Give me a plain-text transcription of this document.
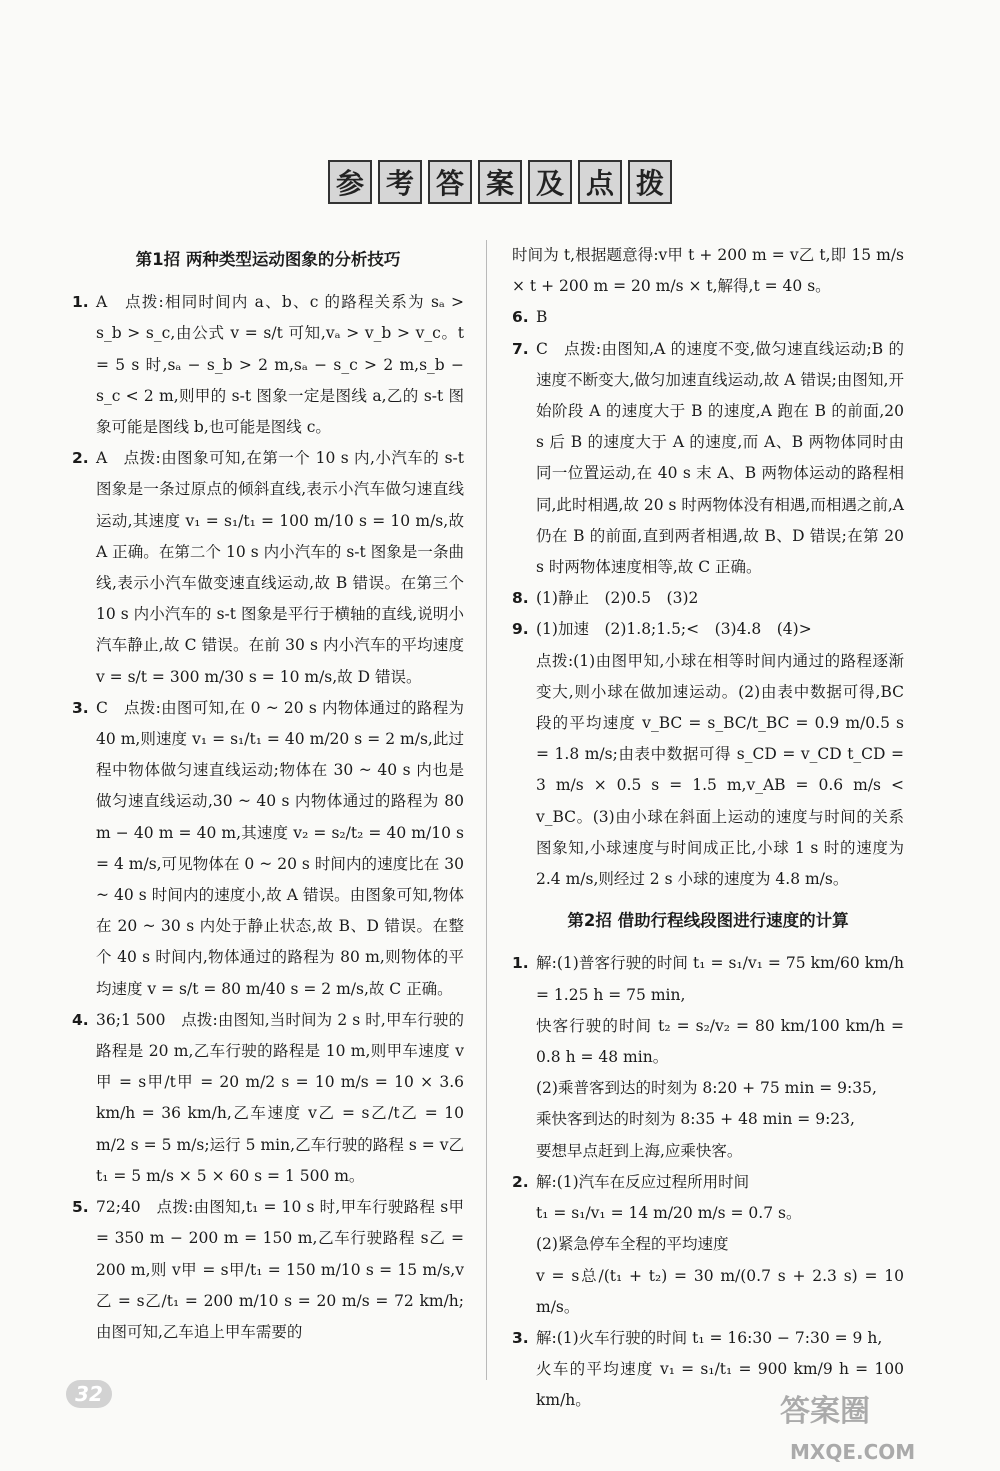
参 考 答 案 及 点 拨
第1招 两种类型运动图象的分析技巧
1. A　点拨:相同时间内 a、b、c 的路程关系为 sₐ > s_b > s_c,由公式 v = s/t 可知,vₐ > v_b > v_c。t = 5 s 时,sₐ − s_b > 2 m,sₐ − s_c > 2 m,s_b − s_c < 2 m,则甲的 s-t 图象一定是图线 a,乙的 s-t 图象可能是图线 b,也可能是图线 c。
2. A　点拨:由图象可知,在第一个 10 s 内,小汽车的 s-t 图象是一条过原点的倾斜直线,表示小汽车做匀速直线运动,其速度 v₁ = s₁/t₁ = 100 m/10 s = 10 m/s,故 A 正确。在第二个 10 s 内小汽车的 s-t 图象是一条曲线,表示小汽车做变速直线运动,故 B 错误。在第三个 10 s 内小汽车的 s-t 图象是平行于横轴的直线,说明小汽车静止,故 C 错误。在前 30 s 内小汽车的平均速度 v = s/t = 300 m/30 s = 10 m/s,故 D 错误。
3. C　点拨:由图可知,在 0 ~ 20 s 内物体通过的路程为 40 m,则速度 v₁ = s₁/t₁ = 40 m/20 s = 2 m/s,此过程中物体做匀速直线运动;物体在 30 ~ 40 s 内也是做匀速直线运动,30 ~ 40 s 内物体通过的路程为 80 m − 40 m = 40 m,其速度 v₂ = s₂/t₂ = 40 m/10 s = 4 m/s,可见物体在 0 ~ 20 s 时间内的速度比在 30 ~ 40 s 时间内的速度小,故 A 错误。由图象可知,物体在 20 ~ 30 s 内处于静止状态,故 B、D 错误。在整个 40 s 时间内,物体通过的路程为 80 m,则物体的平均速度 v = s/t = 80 m/40 s = 2 m/s,故 C 正确。
4. 36;1 500　点拨:由图知,当时间为 2 s 时,甲车行驶的路程是 20 m,乙车行驶的路程是 10 m,则甲车速度 v甲 = s甲/t甲 = 20 m/2 s = 10 m/s = 10 × 3.6 km/h = 36 km/h,乙车速度 v乙 = s乙/t乙 = 10 m/2 s = 5 m/s;运行 5 min,乙车行驶的路程 s = v乙 t₁ = 5 m/s × 5 × 60 s = 1 500 m。
5. 72;40　点拨:由图知,t₁ = 10 s 时,甲车行驶路程 s甲 = 350 m − 200 m = 150 m,乙车行驶路程 s乙 = 200 m,则 v甲 = s甲/t₁ = 150 m/10 s = 15 m/s,v乙 = s乙/t₁ = 200 m/10 s = 20 m/s = 72 km/h;由图可知,乙车追上甲车需要的

时间为 t,根据题意得:v甲 t + 200 m = v乙 t,即 15 m/s × t + 200 m = 20 m/s × t,解得,t = 40 s。

6. B
7. C　点拨:由图知,A 的速度不变,做匀速直线运动;B 的速度不断变大,做匀加速直线运动,故 A 错误;由图知,开始阶段 A 的速度大于 B 的速度,A 跑在 B 的前面,20 s 后 B 的速度大于 A 的速度,而 A、B 两物体同时由同一位置运动,在 40 s 末 A、B 两物体运动的路程相同,此时相遇,故 20 s 时两物体没有相遇,而相遇之前,A 仍在 B 的前面,直到两者相遇,故 B、D 错误;在第 20 s 时两物体速度相等,故 C 正确。
8. (1)静止　(2)0.5　(3)2
9. (1)加速　(2)1.8;1.5;<　(3)4.8　(4)>

点拨:(1)由图甲知,小球在相等时间内通过的路程逐渐变大,则小球在做加速运动。(2)由表中数据可得,BC 段的平均速度 v_BC = s_BC/t_BC = 0.9 m/0.5 s = 1.8 m/s;由表中数据可得 s_CD = v_CD t_CD = 3 m/s × 0.5 s = 1.5 m,v_AB = 0.6 m/s < v_BC。(3)由小球在斜面上运动的速度与时间的关系图象知,小球速度与时间成正比,小球 1 s 时的速度为 2.4 m/s,则经过 2 s 小球的速度为 4.8 m/s。

第2招 借助行程线段图进行速度的计算
1. 解:(1)普客行驶的时间 t₁ = s₁/v₁ = 75 km/60 km/h = 1.25 h = 75 min,

快客行驶的时间 t₂ = s₂/v₂ = 80 km/100 km/h = 0.8 h = 48 min。

(2)乘普客到达的时刻为 8:20 + 75 min = 9:35,

乘快客到达的时刻为 8:35 + 48 min = 9:23,

要想早点赶到上海,应乘快客。

2. 解:(1)汽车在反应过程所用时间

t₁ = s₁/v₁ = 14 m/20 m/s = 0.7 s。

(2)紧急停车全程的平均速度

v = s总/(t₁ + t₂) = 30 m/(0.7 s + 2.3 s) = 10 m/s。

3. 解:(1)火车行驶的时间 t₁ = 16:30 − 7:30 = 9 h,

火车的平均速度 v₁ = s₁/t₁ = 900 km/9 h = 100 km/h。

32	答案圈
MXQE.COM
